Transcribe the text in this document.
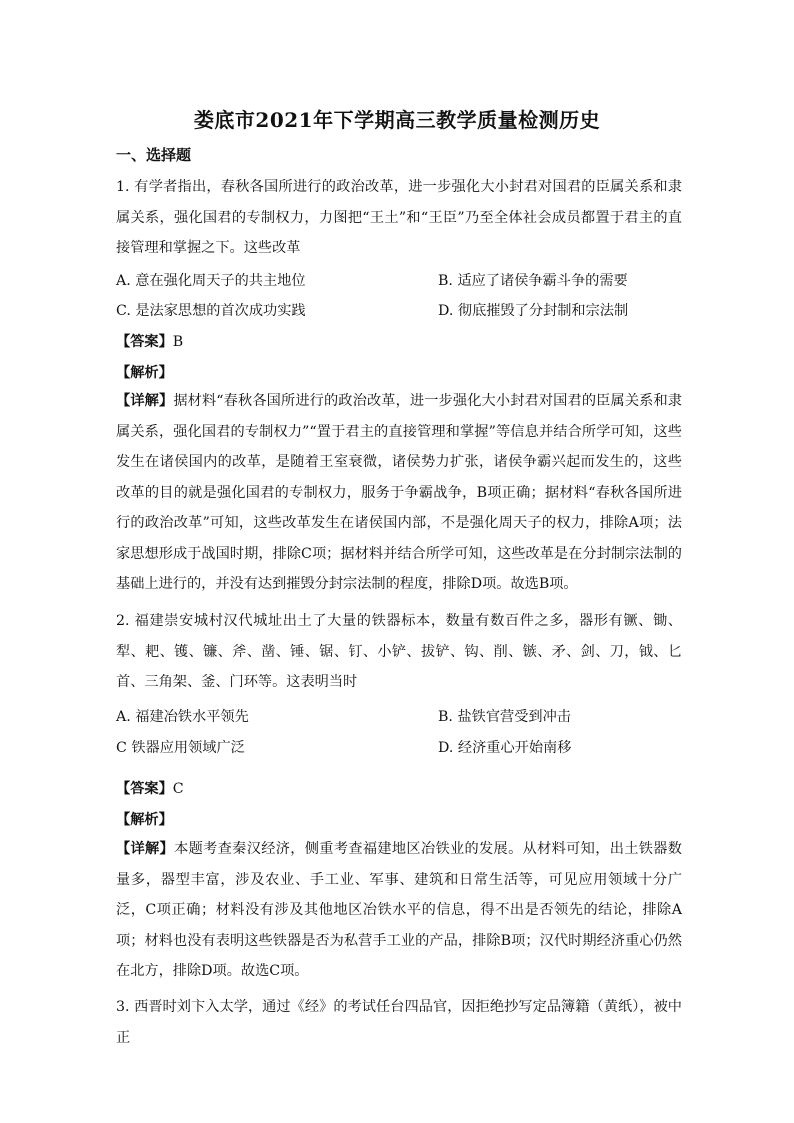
娄底市2021年下学期高三教学质量检测历史
一、选择题
1. 有学者指出，春秋各国所进行的政治改革，进一步强化大小封君对国君的臣属关系和隶属关系，强化国君的专制权力，力图把“王土”和“王臣”乃至全体社会成员都置于君主的直接管理和掌握之下。这些改革
A. 意在强化周天子的共主地位	B. 适应了诸侯争霸斗争的需要
C. 是法家思想的首次成功实践	D. 彻底摧毁了分封制和宗法制
【答案】B
【解析】
【详解】据材料“春秋各国所进行的政治改革，进一步强化大小封君对国君的臣属关系和隶属关系，强化国君的专制权力”“置于君主的直接管理和掌握”等信息并结合所学可知，这些发生在诸侯国内的改革，是随着王室衰微，诸侯势力扩张，诸侯争霸兴起而发生的，这些改革的目的就是强化国君的专制权力，服务于争霸战争，B项正确；据材料“春秋各国所进行的政治改革”可知，这些改革发生在诸侯国内部，不是强化周天子的权力，排除A项；法家思想形成于战国时期，排除C项；据材料并结合所学可知，这些改革是在分封制宗法制的基础上进行的，并没有达到摧毁分封宗法制的程度，排除D项。故选B项。
2. 福建崇安城村汉代城址出土了大量的铁器标本，数量有数百件之多，器形有镢、锄、犁、耙、镬、镰、斧、凿、锤、锯、钉、小铲、拔铲、钩、削、镞、矛、剑、刀，钺、匕首、三角架、釜、门环等。这表明当时
A. 福建冶铁水平领先	B. 盐铁官营受到冲击
C 铁器应用领域广泛	D. 经济重心开始南移
【答案】C
【解析】
【详解】本题考查秦汉经济，侧重考查福建地区冶铁业的发展。从材料可知，出土铁器数量多，器型丰富，涉及农业、手工业、军事、建筑和日常生活等，可见应用领域十分广泛，C项正确；材料没有涉及其他地区冶铁水平的信息，得不出是否领先的结论，排除A项；材料也没有表明这些铁器是否为私营手工业的产品，排除B项；汉代时期经济重心仍然在北方，排除D项。故选C项。
3. 西晋时刘卞入太学，通过《经》的考试任台四品官，因拒绝抄写定品簿籍（黄纸），被中正
